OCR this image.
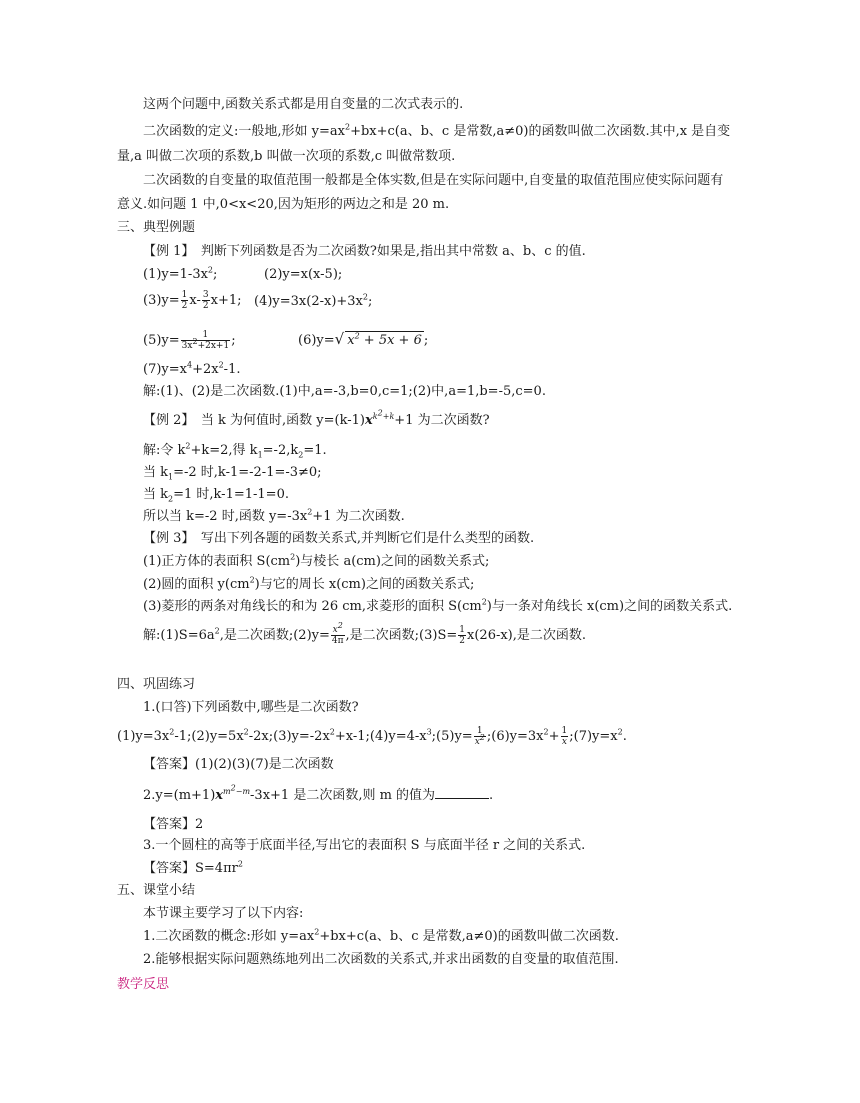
这两个问题中,函数关系式都是用自变量的二次式表示的.
二次函数的定义:一般地,形如 $y=ax^2+bx+c(a$、b、c 是常数,a≠0)的函数叫做二次函数.其中,x 是自变
量,a 叫做二次项的系数,b 叫做一次项的系数,c 叫做常数项.
二次函数的自变量的取值范围一般都是全体实数,但是在实际问题中,自变量的取值范围应使实际问题有
意义.如问题 1 中,0<x<20,因为矩形的两边之和是 20 m.
三、典型例题
【例 1】　判断下列函数是否为二次函数?如果是,指出其中常数 a、b、c 的值.
$(1)y=1-3x^2$;	(2)y=x(x-5);
$(3)y= \frac{1}{2} x- \frac{3}{2} x+1$; $(4)y=3x(2-x)+3x^2$;
$(5)y= \frac{1}{3x^2+2x+1}$ ;	(6)y=√ $x^2 + 5x + 6$ ;
$(7)y=x^4+2x^2-1$.
解:(1)、(2)是二次函数.(1)中,a=-3,b=0,c=1;(2)中,a=1,b=-5,c=0.
【例 2】　当 k 为何值时,函数 $y=(k-1)x^{k^2+k}+1$ 为二次函数?
解:令 $k^2+k=2$,得 $k_1=-2,k_2=1$.
当 $k_1=-2$ 时,k-1=-2-1=-3≠0;
当 $k_2=1$ 时,k-1=1-1=0.
所以当 k=-2 时,函数 $y=-3x^2+1$ 为二次函数.
【例 3】　写出下列各题的函数关系式,并判断它们是什么类型的函数.
(1)正方体的表面积 $S(cm^2)$与棱长 a(cm)之间的函数关系式;
(2)圆的面积 $y(cm^2)$与它的周长 x(cm)之间的函数关系式;
(3)菱形的两条对角线长的和为 26 cm,求菱形的面积 $S(cm^2)$与一条对角线长 x(cm)之间的函数关系式.
解$:(1)S=6a^2$,是二次函数;(2)y= $\frac{x^2}{4\pi}$ ,是二次函数;(3)S= $\frac{1}{2} x(26-x)$,是二次函数.
四、巩固练习
1.(口答)下列函数中,哪些是二次函数?
$(1)y=3x^2-1;(2)y=5x^2-2x;(3)y=-2x^2+x-1;(4)y=4-x^3;(5)y= \frac{1}{x^2}$ $;(6)y=3x^2+ \frac{1}{x}$ $;(7)y=x^2$.
【答案】(1)(2)(3)(7)是二次函数
$2.y=(m+1)x^{m^2-m}-3x+1$ 是二次函数,则 m 的值为	.
【答案】2
3.一个圆柱的高等于底面半径,写出它的表面积 S 与底面半径 r 之间的关系式.
【答案】$S=4\pi r^2$
五、课堂小结
本节课主要学习了以下内容:
1.二次函数的概念:形如 $y=ax^2+bx+c(a$、b、c 是常数,a≠0)的函数叫做二次函数.
2.能够根据实际问题熟练地列出二次函数的关系式,并求出函数的自变量的取值范围.
教学反思
